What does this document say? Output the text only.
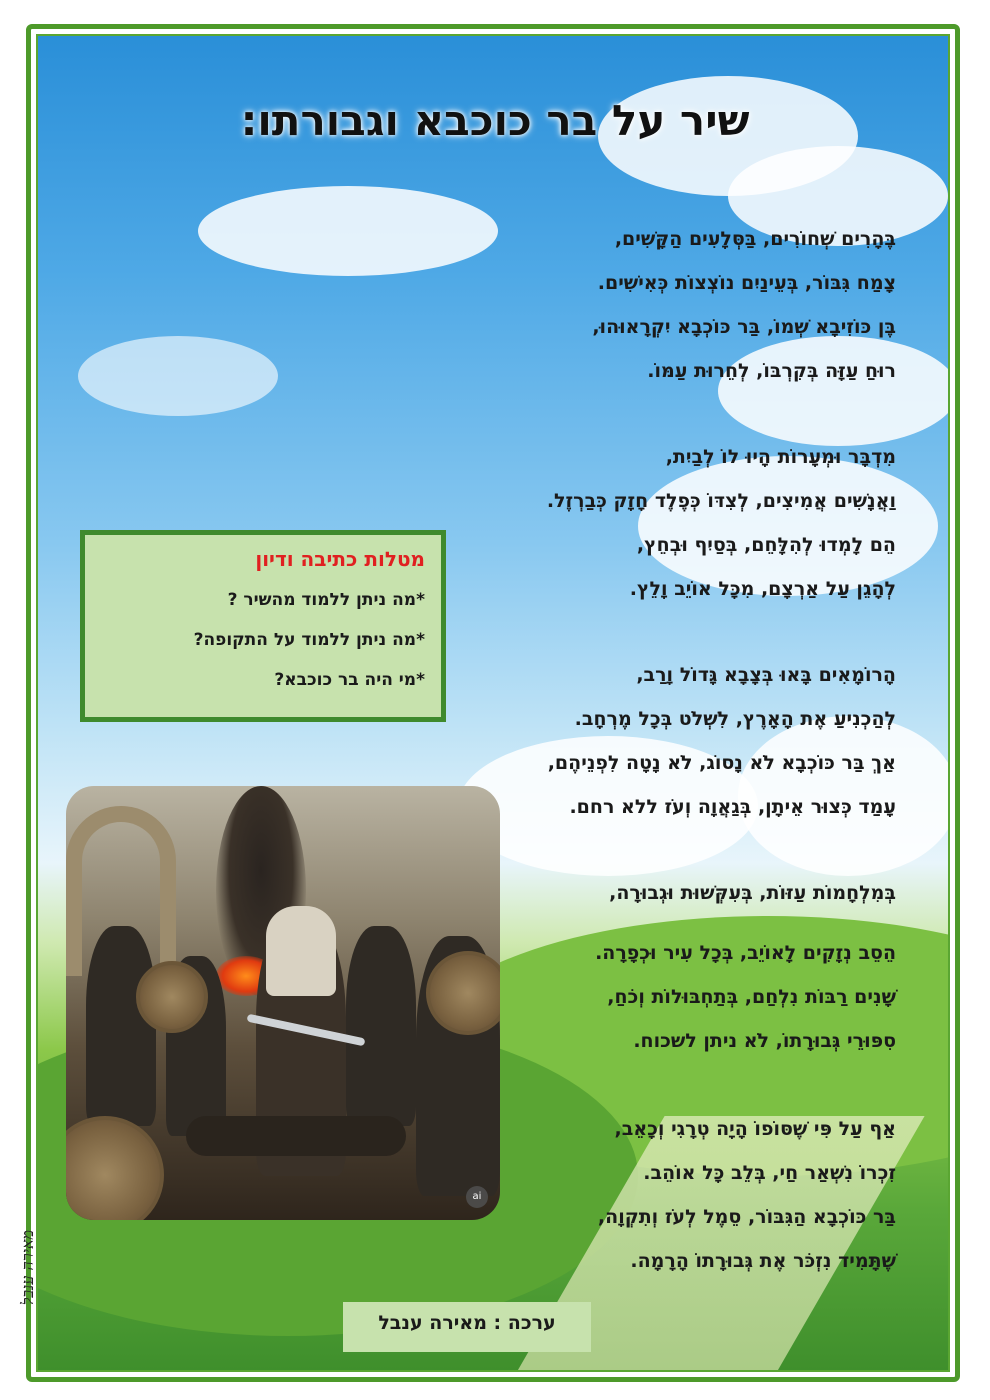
שיר על בר כוכבא וגבורתו:
בֶּהָרִים שְׁחוֹרִים, בַּסְּלָעִים הַקָּשִׁים,
צָמַח גִּבּוֹר, בְּעֵינַיִם נוֹצְצוֹת כְּאִישִׁים.
בֶּן כּוֹזִיבָא שְׁמוֹ, בַּר כּוֹכְבָא יִקְרָאוּהוּ,
רוּחַ עַזָּה בְּקִרְבּוֹ, לְחֵרוּת עַמּוֹ.
מִדְבָּר וּמְעָרוֹת הָיוּ לוֹ לְבַיִת,
וַאֲנָשִׁים אֲמִיצִים, לְצִדּוֹ כְּפֶלֶד חָזָק כְּבַרְזֶל.
הֵם לָמְדוּ לְהִלָּחֵם, בְּסַיִף וּבְחֵץ,
לְהָגֵן עַל אַרְצָם, מִכָּל אוֹיֵב וָלֵץ.
הָרוֹמָאִים בָּאוּ בְּצָבָא גָּדוֹל וָרַב,
לְהַכְנִיעַ אֶת הָאָרֶץ, לִשְׁלֹט בְּכָל מֶרְחָב.
אַךְ בַּר כּוֹכְבָא לֹא נָסוֹג, לֹא נָטָה לִפְנֵיהֶם,
עָמַד כְּצוּר אֵיתָן, בְּגַאֲוָה וְעֹז ללא רחם.
בְּמִלְחָמוֹת עַזּוֹת, בְּעִקְּשׁוּת וּגְבוּרָה,
הֵסֵב נְזָקִים לָאוֹיֵב, בְּכָל עִיר וּכְפָרָה.
שָׁנִים רַבּוֹת נִלְחַם, בְּתַחְבּוּלוֹת וְכֹחַ,
סִפּוּרֵי גְּבוּרָתוֹ, לֹא ניתן לשכוח.
אַף עַל פִּי שֶׁסּוֹפוֹ הָיָה טְרָגִי וְכָאֵב,
זִכְרוֹ נִשְׁאַר חַי, בְּלֵב כָּל אוֹהֵב.
בַּר כּוֹכְבָא הַגִּבּוֹר, סֵמֶל לְעֹז וְתִקְוָה,
שֶׁתָּמִיד נִזְכֹּר אֶת גְּבוּרָתוֹ הָרָמָה.
מטלות כתיבה ודיון
*מה ניתן ללמוד מהשיר ?
*מה ניתן ללמוד על התקופה?
*מי היה בר כוכבא?
ai
ערכה : מאירה ענבל
מאירה ענבל
